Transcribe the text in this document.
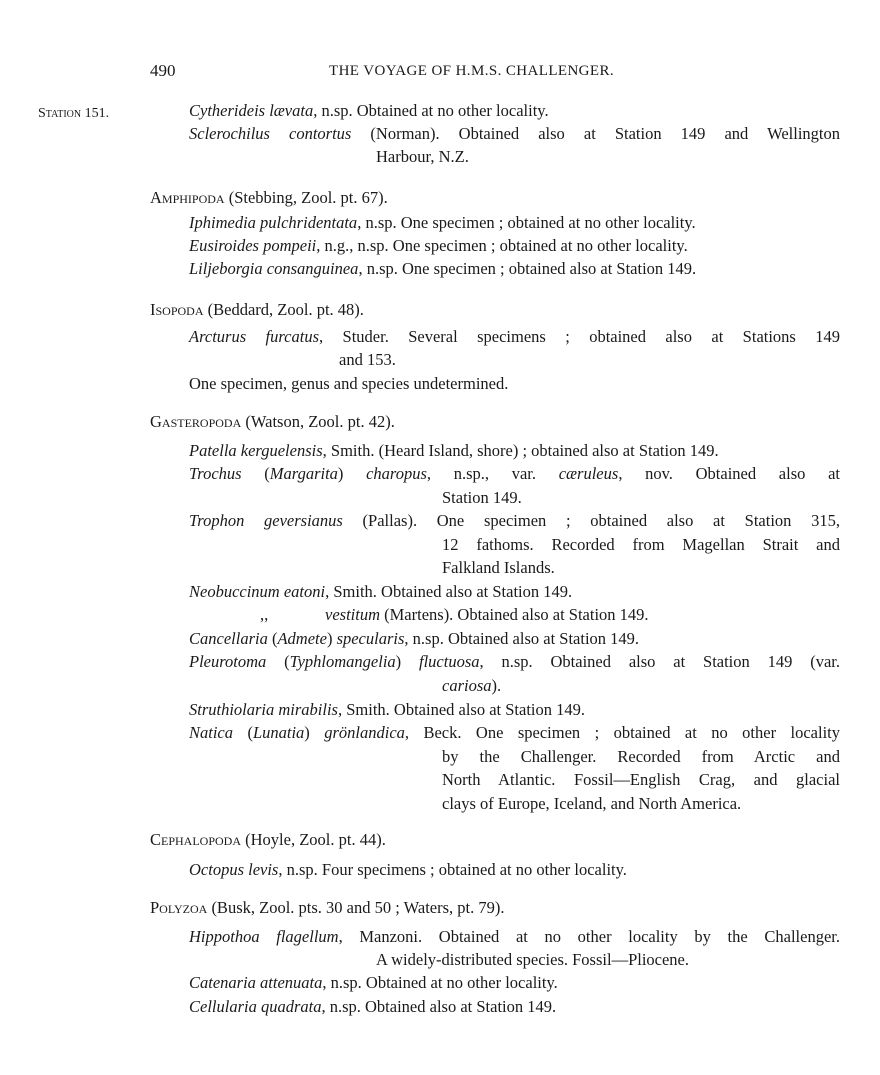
490	THE VOYAGE OF H.M.S. CHALLENGER.
Station 151.	Cytherideis lævata, n.sp. Obtained at no other locality.
Sclerochilus contortus (Norman). Obtained also at Station 149 and Wellington
Harbour, N.Z.
Amphipoda (Stebbing, Zool. pt. 67).
Iphimedia pulchridentata, n.sp. One specimen ; obtained at no other locality.
Eusiroides pompeii, n.g., n.sp. One specimen ; obtained at no other locality.
Liljeborgia consanguinea, n.sp. One specimen ; obtained also at Station 149.
Isopoda (Beddard, Zool. pt. 48).
Arcturus furcatus, Studer. Several specimens ; obtained also at Stations 149
and 153.
One specimen, genus and species undetermined.
Gasteropoda (Watson, Zool. pt. 42).
Patella kerguelensis, Smith. (Heard Island, shore) ; obtained also at Station 149.
Trochus (Margarita) charopus, n.sp., var. cæruleus, nov. Obtained also at
Station 149.
Trophon geversianus (Pallas). One specimen ; obtained also at Station 315,
12 fathoms. Recorded from Magellan Strait and
Falkland Islands.
Neobuccinum eatoni, Smith. Obtained also at Station 149.
,,	vestitum (Martens). Obtained also at Station 149.
Cancellaria (Admete) specularis, n.sp. Obtained also at Station 149.
Pleurotoma (Typhlomangelia) fluctuosa, n.sp. Obtained also at Station 149 (var.
cariosa).
Struthiolaria mirabilis, Smith. Obtained also at Station 149.
Natica (Lunatia) grönlandica, Beck. One specimen ; obtained at no other locality
by the Challenger. Recorded from Arctic and
North Atlantic. Fossil—English Crag, and glacial
clays of Europe, Iceland, and North America.
Cephalopoda (Hoyle, Zool. pt. 44).
Octopus levis, n.sp. Four specimens ; obtained at no other locality.
Polyzoa (Busk, Zool. pts. 30 and 50 ; Waters, pt. 79).
Hippothoa flagellum, Manzoni. Obtained at no other locality by the Challenger.
A widely-distributed species. Fossil—Pliocene.
Catenaria attenuata, n.sp. Obtained at no other locality.
Cellularia quadrata, n.sp. Obtained also at Station 149.
